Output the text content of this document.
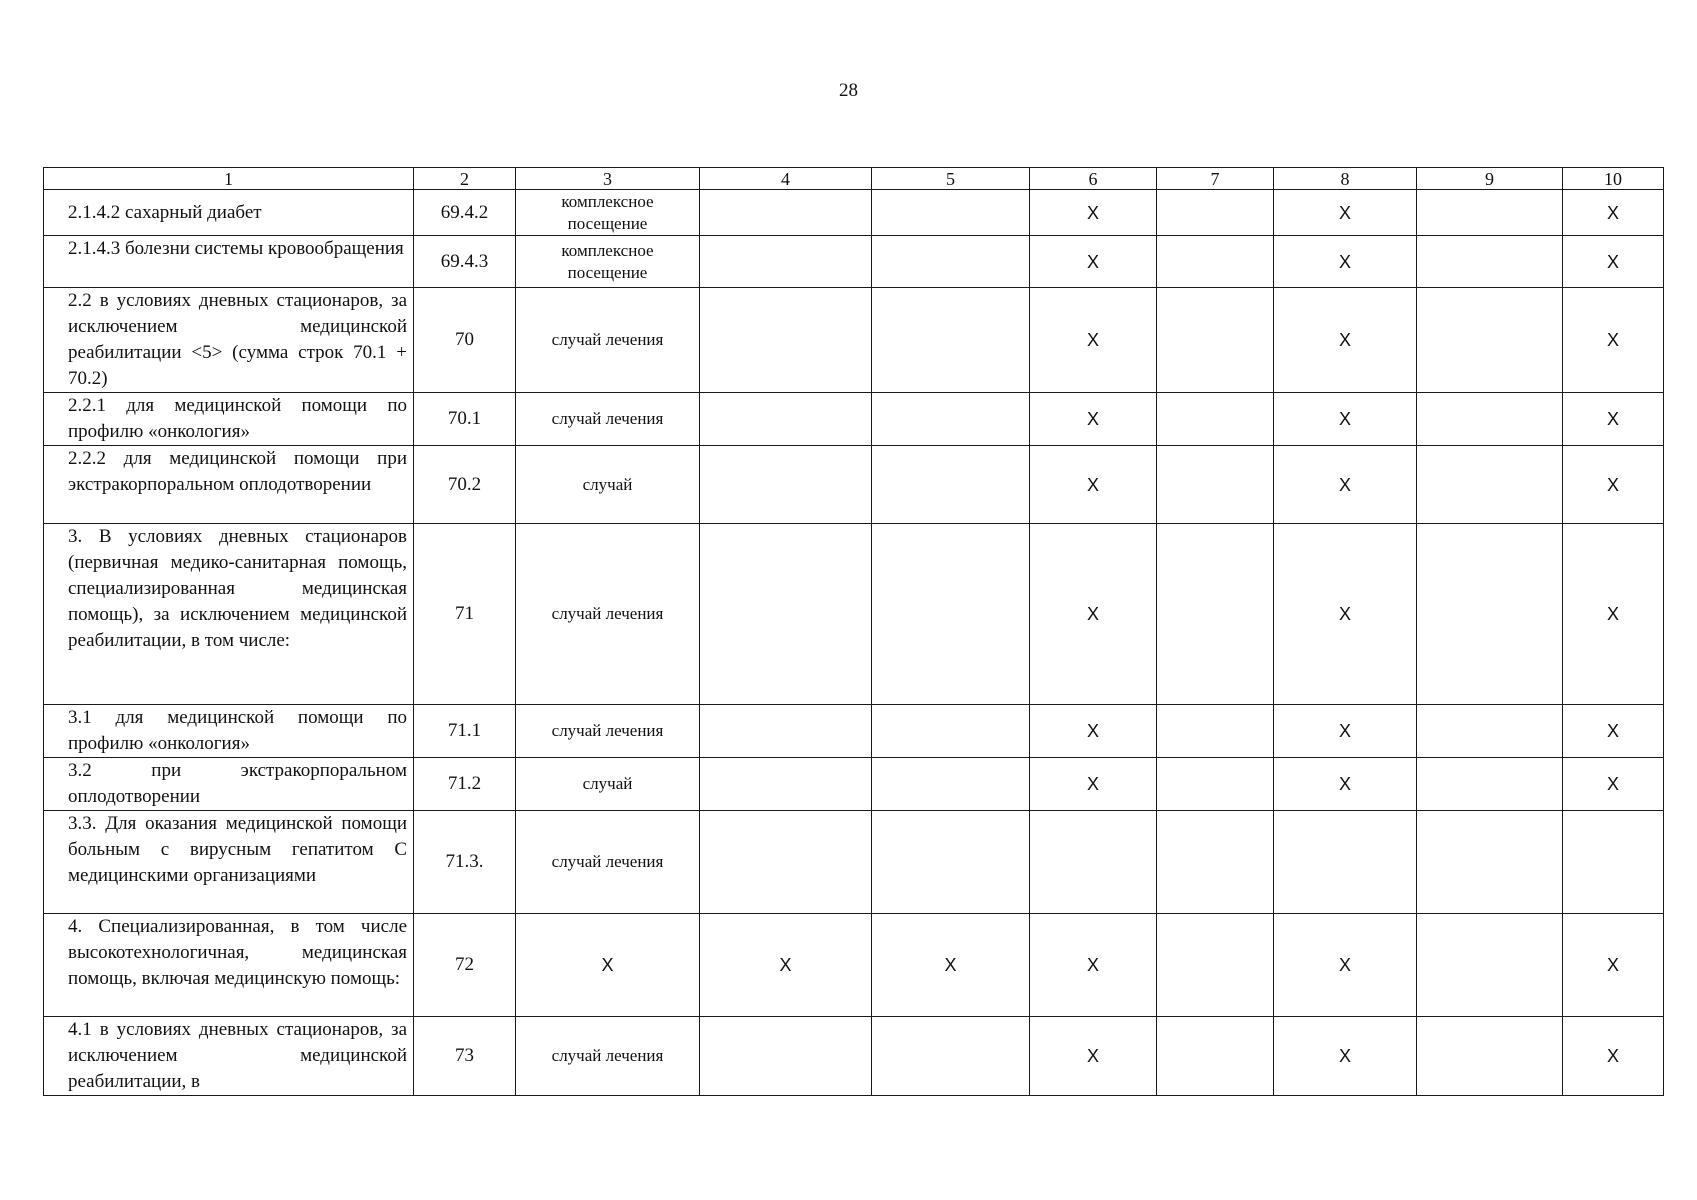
28
1	2	3	4	5	6	7	8	9	10
2.1.4.2 сахарный диабет	69.4.2	комплексное посещение			Х		Х		Х
2.1.4.3 болезни системы кровообращения	69.4.3	комплексное посещение			Х		Х		Х
2.2 в условиях дневных стационаров, за исключением медицинской реабилитации <5> (сумма строк 70.1 + 70.2)	70	случай лечения			Х		Х		Х
2.2.1 для медицинской помощи по профилю «онкология»	70.1	случай лечения			Х		Х		Х
2.2.2 для медицинской помощи при экстракорпоральном оплодотворении	70.2	случай			Х		Х		Х
3. В условиях дневных стационаров (первичная медико-санитарная помощь, специализированная медицинская помощь), за исключением медицинской реабилитации, в том числе:	71	случай лечения			Х		Х		Х
3.1 для медицинской помощи по профилю «онкология»	71.1	случай лечения			Х		Х		Х
3.2 при экстракорпоральном оплодотворении	71.2	случай			Х		Х		Х
3.3. Для оказания медицинской помощи больным с вирусным гепатитом С медицинскими организациями	71.3.	случай лечения							
4. Специализированная, в том числе высокотехнологичная, медицинская помощь, включая медицинскую помощь:	72	Х	Х	Х	Х		Х		Х
4.1 в условиях дневных стационаров, за исключением медицинской реабилитации, в	73	случай лечения			Х		Х		Х
